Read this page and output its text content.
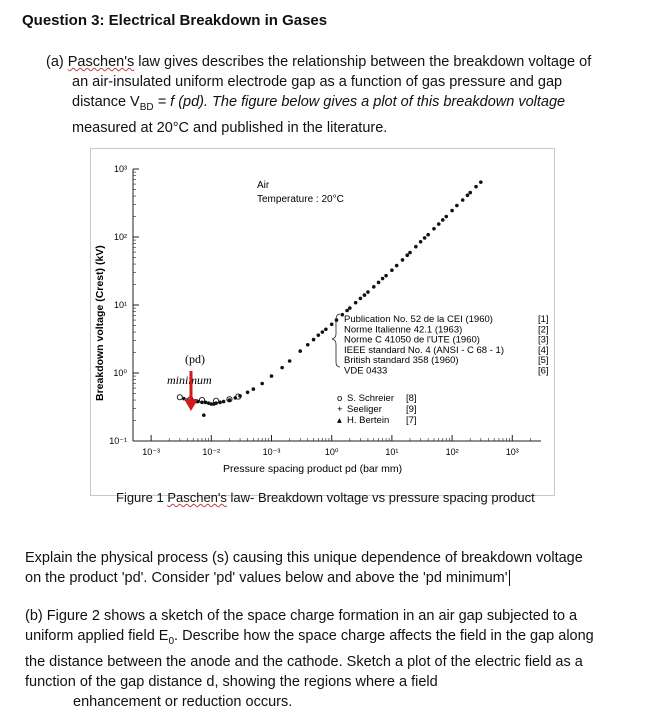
Question 3: Electrical Breakdown in Gases
(a) Paschen's law gives describes the relationship between the breakdown voltage of
an air-insulated uniform electrode gap as a function of gas pressure and gap
distance $V_{BD} = f$ (pd). The figure below gives a plot of this breakdown voltage
measured at 20°C and published in the literature.
10⁻¹
10⁰
10¹
10²
10³
10⁻³	10⁻²	10⁻³	10⁰	10¹	10²	10³
Breakdown voltage (Crest) (kV)
Pressure spacing product pd (bar mm)
Air
Temperature : 20°C
(pd)
minimum
Publication No. 52 de la CEI (1960)	[1]
Norme Italienne 42.1 (1963)	[2]
Norme C 41050 de l'UTE (1960)	[3]
IEEE standard No. 4 (ANSI - C 68 - 1)	[4]
British standard 358 (1960)	[5]
VDE 0433	[6]
o S. Schreier [8]
+ Seeliger	[9]
▴ H. Bertein [7]
Figure 1 Paschen's law- Breakdown voltage vs pressure spacing product
Explain the physical process (s) causing this unique dependence of breakdown voltage
on the product 'pd'. Consider 'pd' values below and above the 'pd minimum'
(b) Figure 2 shows a sketch of the space charge formation in an air gap subjected to a
uniform applied field $E_0$. Describe how the space charge affects the field in the gap along
the distance between the anode and the cathode. Sketch a plot of the electric field as a
function of the gap distance d, showing the regions where a field

enhancement or reduction occurs.
